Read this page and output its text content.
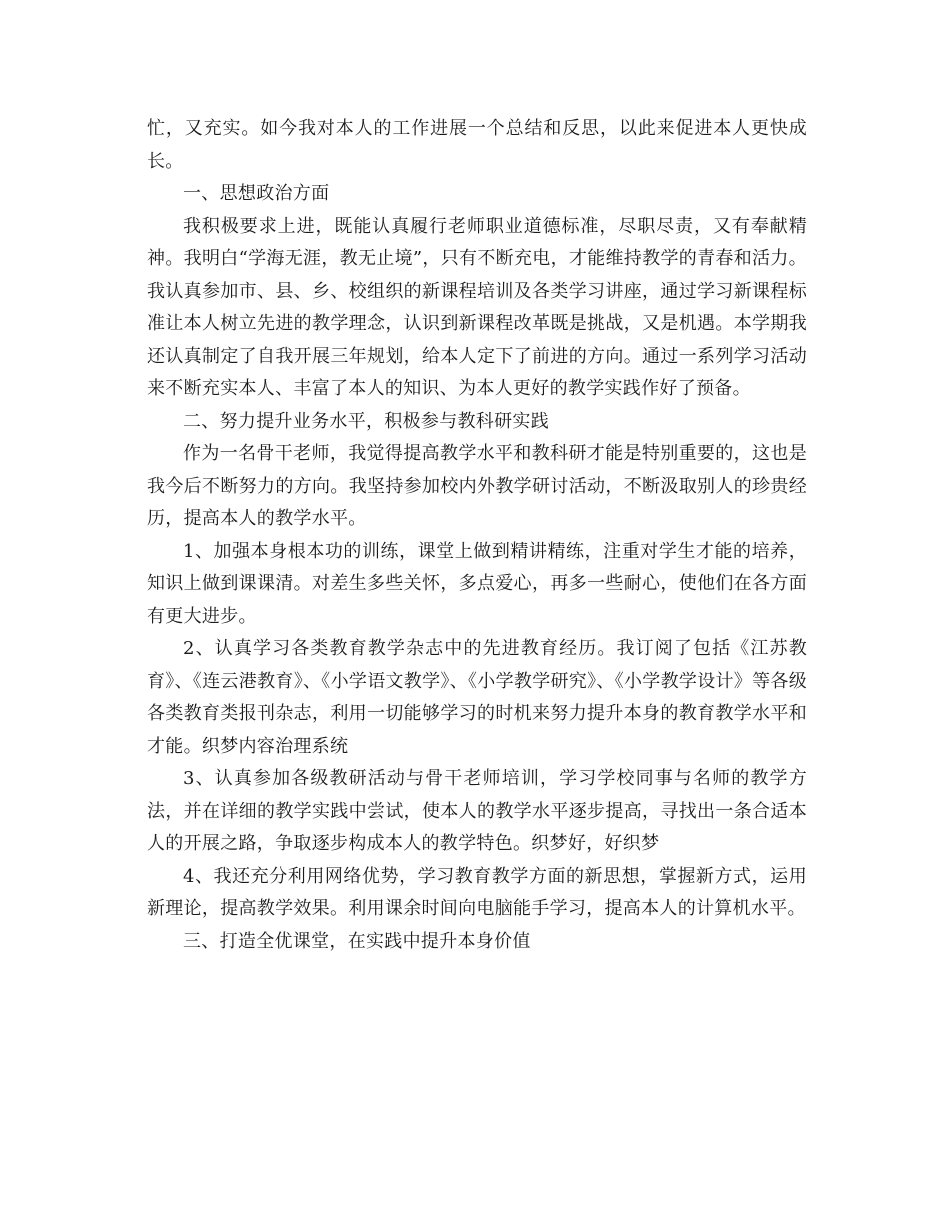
忙，又充实。如今我对本人的工作进展一个总结和反思，以此来促进本人更快成长。

一、思想政治方面

我积极要求上进，既能认真履行老师职业道德标准，尽职尽责，又有奉献精神。我明白“学海无涯，教无止境”，只有不断充电，才能维持教学的青春和活力。我认真参加市、县、乡、校组织的新课程培训及各类学习讲座，通过学习新课程标准让本人树立先进的教学理念，认识到新课程改革既是挑战，又是机遇。本学期我还认真制定了自我开展三年规划，给本人定下了前进的方向。通过一系列学习活动来不断充实本人、丰富了本人的知识、为本人更好的教学实践作好了预备。

二、努力提升业务水平，积极参与教科研实践

作为一名骨干老师，我觉得提高教学水平和教科研才能是特别重要的，这也是我今后不断努力的方向。我坚持参加校内外教学研讨活动，不断汲取别人的珍贵经历，提高本人的教学水平。

1、加强本身根本功的训练，课堂上做到精讲精练，注重对学生才能的培养，知识上做到课课清。对差生多些关怀，多点爱心，再多一些耐心，使他们在各方面有更大进步。

2、认真学习各类教育教学杂志中的先进教育经历。我订阅了包括《江苏教育》、《连云港教育》、《小学语文教学》、《小学教学研究》、《小学教学设计》等各级各类教育类报刊杂志，利用一切能够学习的时机来努力提升本身的教育教学水平和才能。织梦内容治理系统

3、认真参加各级教研活动与骨干老师培训，学习学校同事与名师的教学方法，并在详细的教学实践中尝试，使本人的教学水平逐步提高，寻找出一条合适本人的开展之路，争取逐步构成本人的教学特色。织梦好，好织梦

4、我还充分利用网络优势，学习教育教学方面的新思想，掌握新方式，运用新理论，提高教学效果。利用课余时间向电脑能手学习，提高本人的计算机水平。

三、打造全优课堂，在实践中提升本身价值
